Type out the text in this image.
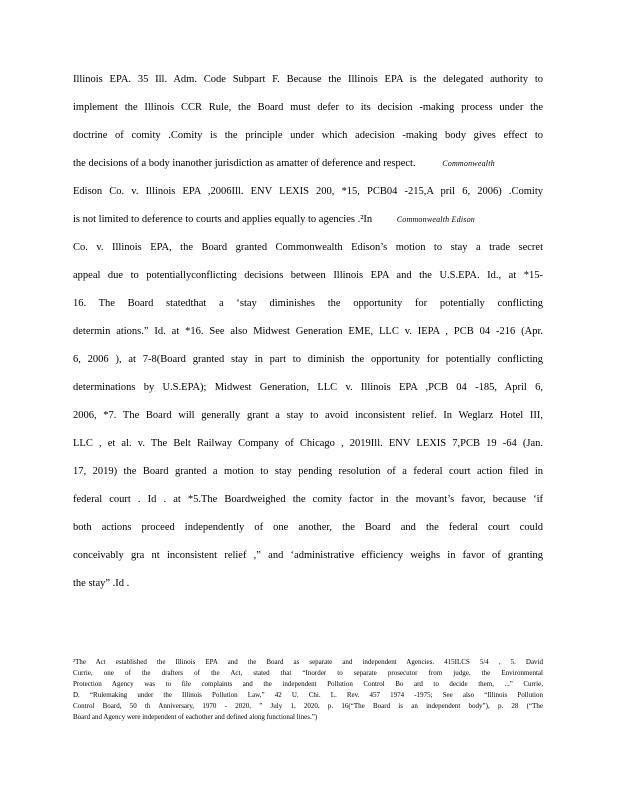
Illinois EPA. 35 Ill. Adm. Code Subpart F. Because the Illinois EPA is the delegated authority to
implement the Illinois CCR Rule, the Board must defer to its decision -making process under the
doctrine of comity .Comity is the principle under which adecision -making body gives effect to
the decisions of a body inanother jurisdiction as amatter of deference and respect.	Commonwealth
Edison Co. v. Illinois EPA ,2006Ill. ENV LEXIS 200, *15, PCB04 -215,A pril 6, 2006) .Comity
is not limited to deference to courts and applies equally to agencies .²In	Commonwealth Edison
Co. v. Illinois EPA, the Board granted Commonwealth Edison’s motion to stay a trade secret
appeal due to potentiallyconflicting decisions between Illinois EPA and the U.S.EPA. Id., at *15-
16. The Board statedthat a ‘stay diminishes the opportunity for potentially conflicting
determin ations.” Id. at *16. See also Midwest Generation EME, LLC v. IEPA , PCB 04 -216 (Apr.
6, 2006 ), at 7-8(Board granted stay in part to diminish the opportunity for potentially conflicting
determinations by U.S.EPA); Midwest Generation, LLC v. Illinois EPA ,PCB 04 -185, April 6,
2006, *7. The Board will generally grant a stay to avoid inconsistent relief. In Weglarz Hotel III,
LLC , et al. v. The Belt Railway Company of Chicago , 2019Ill. ENV LEXIS 7,PCB 19 -64 (Jan.
17, 2019) the Board granted a motion to stay pending resolution of a federal court action filed in
federal court . Id . at *5.The Boardweighed the comity factor in the movant’s favor, because ‘if
both actions proceed independently of one another, the Board and the federal court could
conceivably gra nt inconsistent relief ,” and ‘administrative efficiency weighs in favor of granting
the stay” .Id .
²The Act established the Illinois EPA and the Board as separate and independent Agencies. 415ILCS 5/4 , 5. David
Currie, one of the drafters of the Act, stated that “Inorder to separate prosecutor from judge, the Environmental
Protection Agency was to file complaints and the independent Pollution Control Bo ard to decide them, ...” Currie,
D. “Rulemaking under the Illinois Pollution Law,” 42 U. Chi. L. Rev. 457 1974 -1975; See also “Illinois Pollution
Control Board, 50 th Anniversary, 1970 - 2020, ” July 1, 2020, p. 16(“The Board is an independent body”), p. 28 (“The
Board and Agency were independent of eachother and defined along functional lines.”)
